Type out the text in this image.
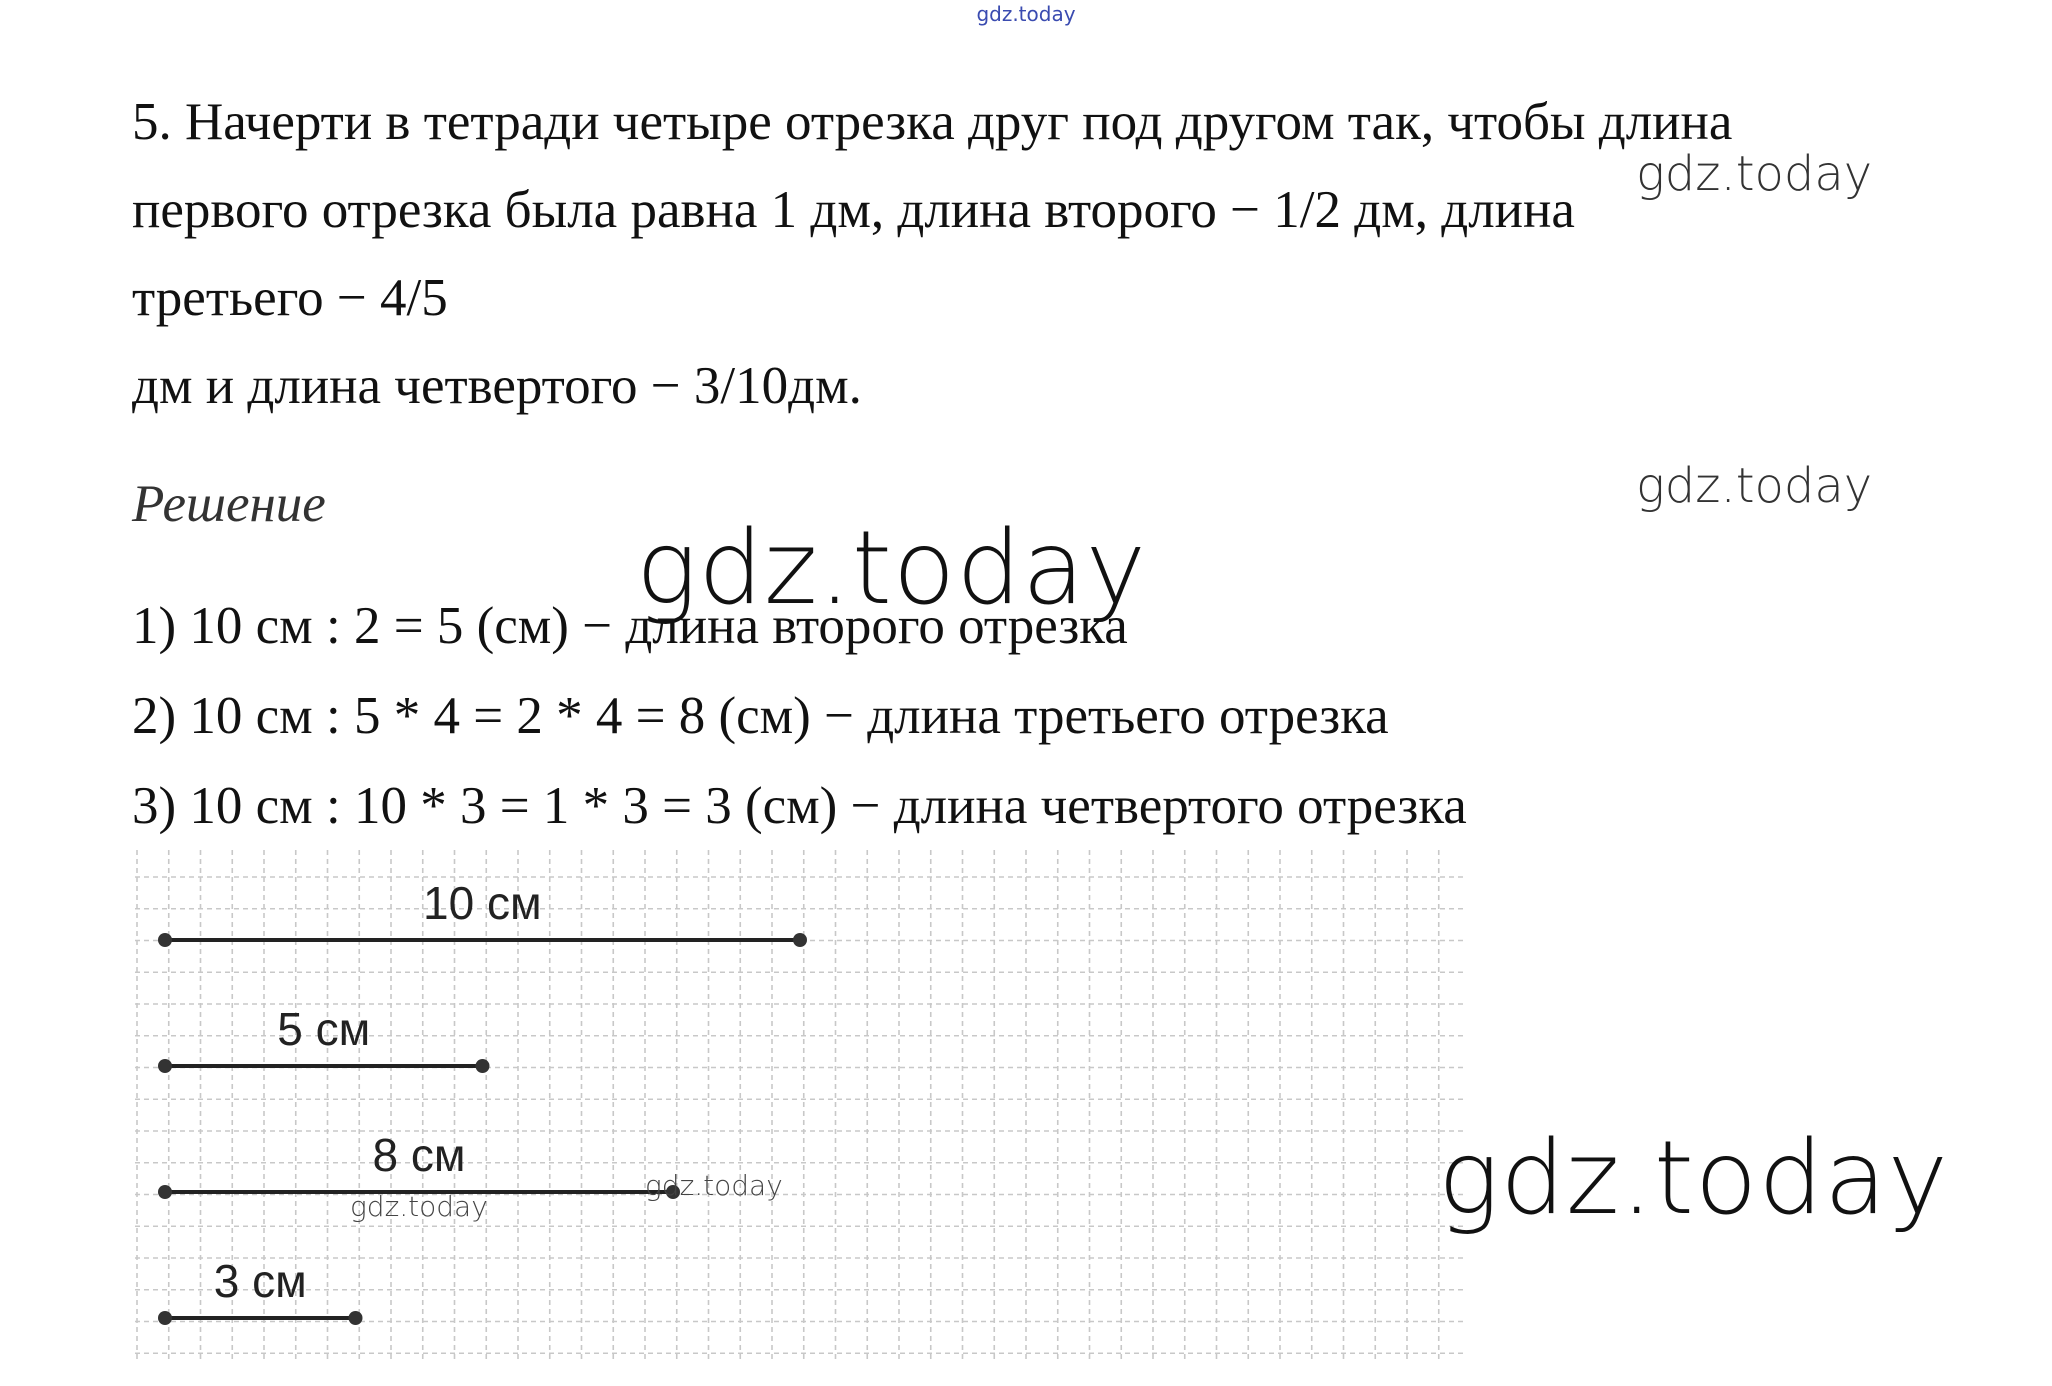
gdz.today
5. Начерти в тетради четыре отрезка друг под другом так, чтобы длина
первого отрезка была равна 1 дм, длина второго − 1/2 дм, длина
третьего − 4/5
дм и длина четвертого − 3/10дм.
Решение
1) 10 см : 2 = 5 (см) − длина второго отрезка
2) 10 см : 5 * 4 = 2 * 4 = 8 (см) − длина третьего отрезка
3) 10 см : 10 * 3 = 1 * 3 = 3 (см) − длина четвертого отрезка
gdz.today
gdz.today
gdz.today
10 см
5 см
8 см
3 см
gdz.today
gdz.today
gdz.today
